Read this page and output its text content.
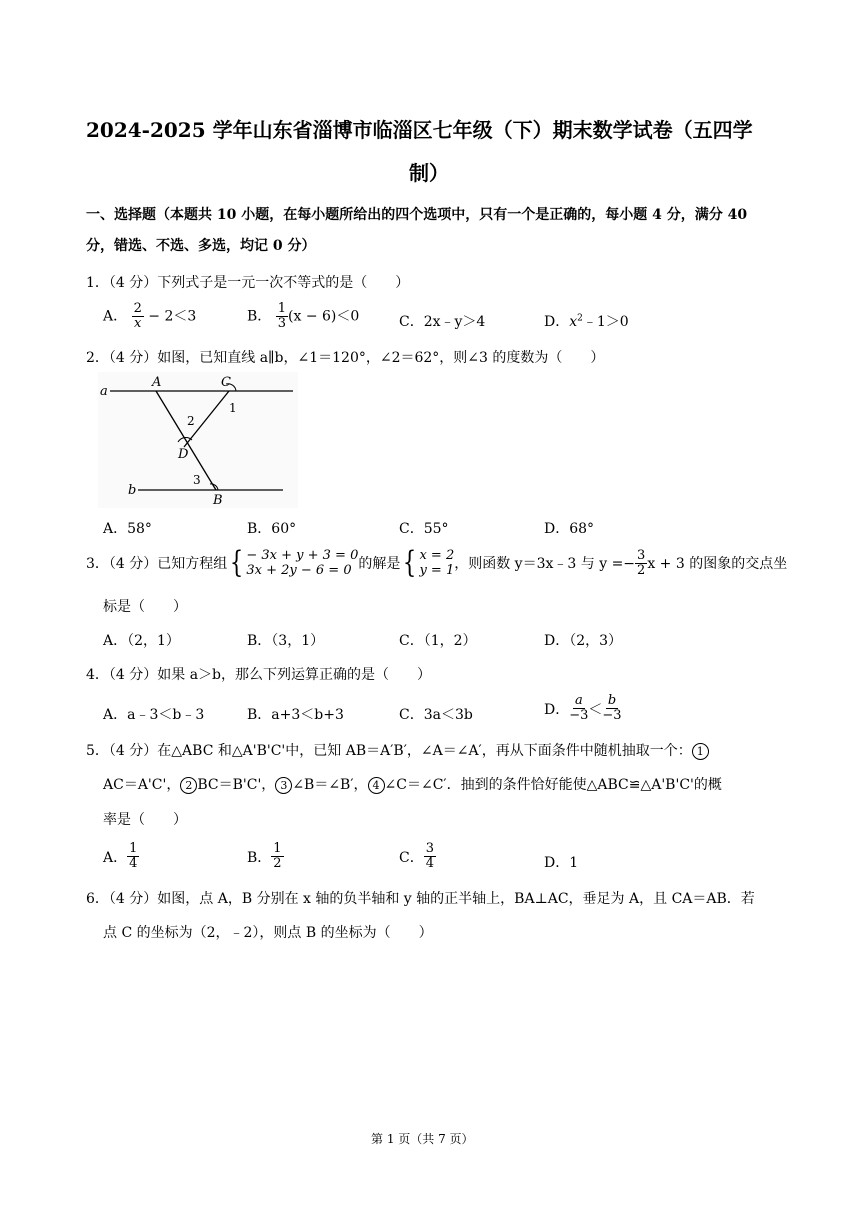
2024-2025 学年山东省淄博市临淄区七年级（下）期末数学试卷（五四学
制）
一、选择题（本题共 10 小题，在每小题所给出的四个选项中，只有一个是正确的，每小题 4 分，满分 40
分，错选、不选、多选，均记 0 分）
1．（4 分）下列式子是一元一次不等式的是（　　）
A． $\frac{2}{x} - 2<3$	B． $\frac{1}{3} (x - 6)<0$	C．2x﹣y＞4	D．$x^2﹣1>0$
2．（4 分）如图，已知直线 a∥b，∠1＝120°，∠2＝62°，则∠3 的度数为（　　）
a
b
A	C
D
B
1
2
3
A．58°	B．60°	C．55°	D．68°
3．（4 分）已知方程组 { − 3x + y + 3 = 0
3x + 2y − 6 = 0 的解是 { x = 2
y = 1 ，则函数 y＝3x﹣3 与 $y =- \frac{3}{2}$ x + 3 的图象的交点坐
标是（　　）
A．（2，1）	B．（3，1）	C．（1，2）	D．（2，3）
4．（4 分）如果 a＞b，那么下列运算正确的是（　　）
A．a﹣3＜b﹣3	B．a+3＜b+3	C．3a＜3b	D． $\frac{a}{-3} < \frac{b}{-3}$
5．（4 分）在△ABC 和△A'B'C'中，已知 AB＝A′B′，∠A＝∠A′，再从下面条件中随机抽取一个： 1
AC＝A'C'， 2 BC＝B'C'， 3 ∠B＝∠B′， 4 ∠C＝∠C′．抽到的条件恰好能使△ABC≌△A'B'C'的概
率是（　　）
A． $\frac{1}{4}$	B． $\frac{1}{2}$	C． $\frac{3}{4}$	D．1
6．（4 分）如图，点 A，B 分别在 x 轴的负半轴和 y 轴的正半轴上，BA⊥AC，垂足为 A，且 CA＝AB．若
点 C 的坐标为（2，﹣2），则点 B 的坐标为（　　）
第 1 页（共 7 页）
